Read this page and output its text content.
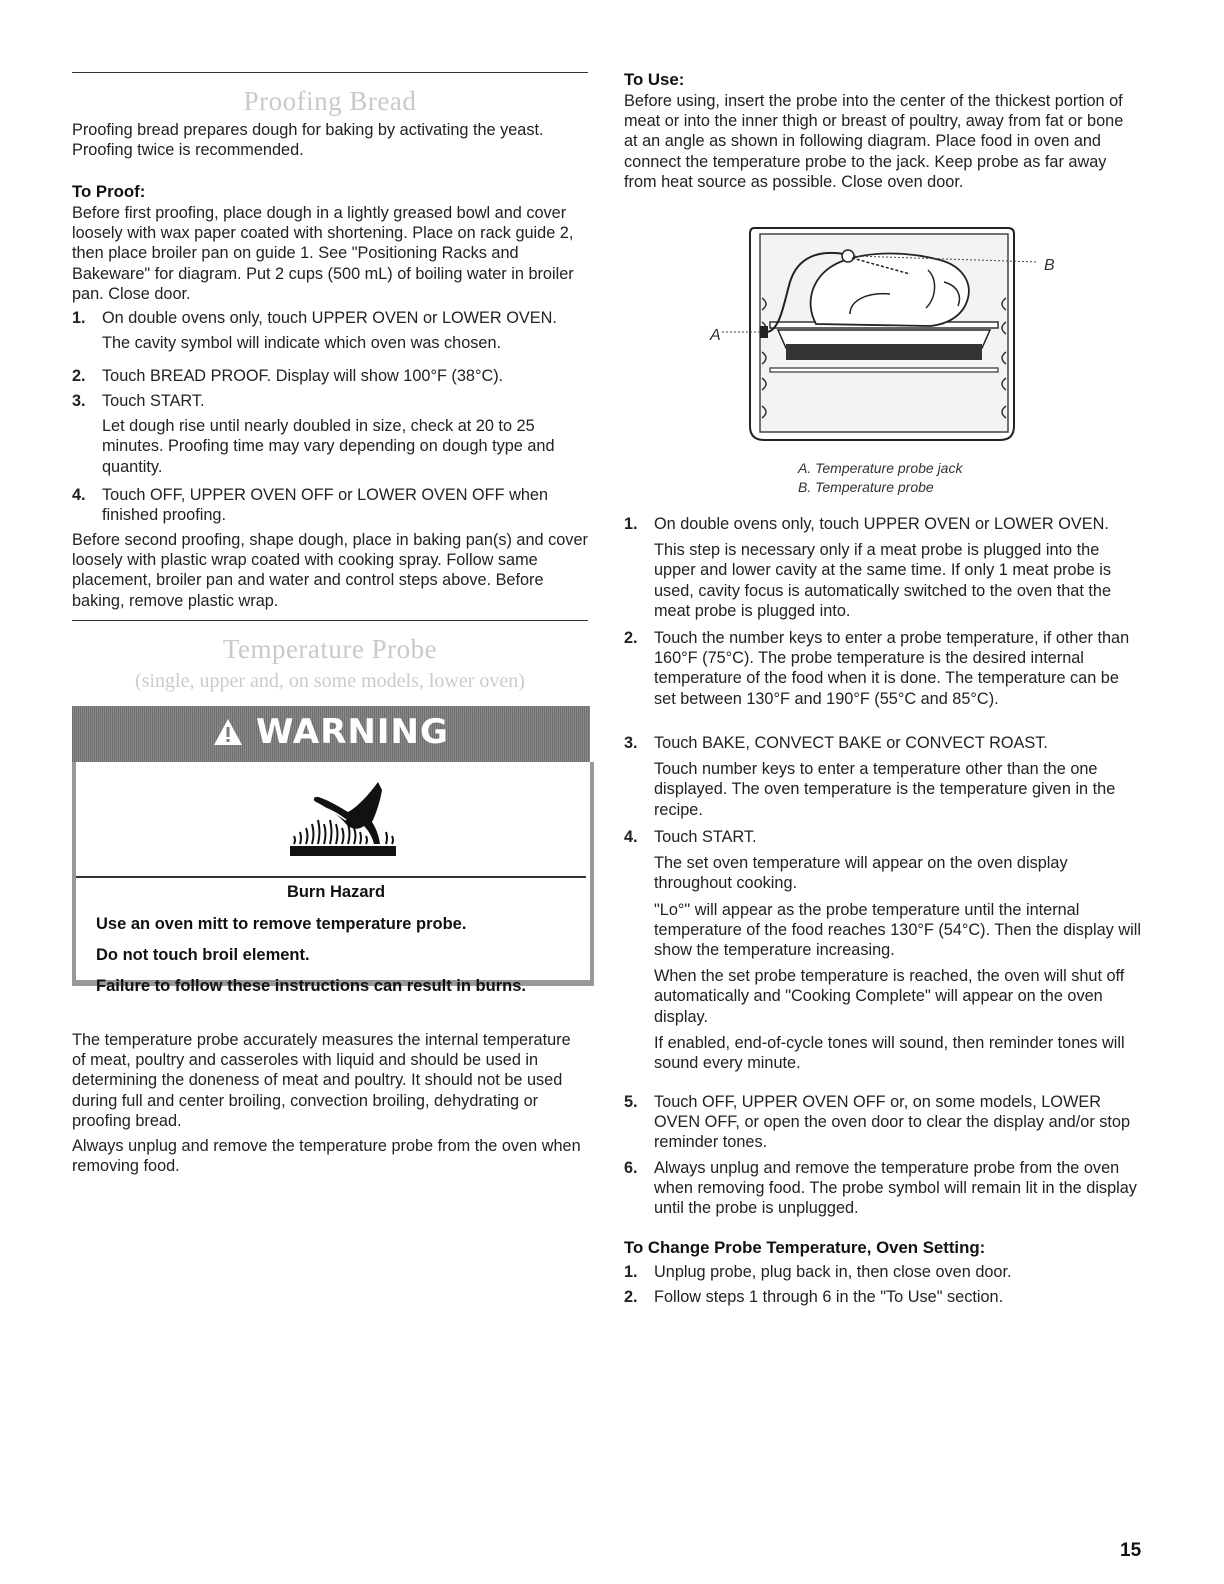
Proofing Bread

Proofing bread prepares dough for baking by activating the yeast. Proofing twice is recommended.

To Proof:

Before first proofing, place dough in a lightly greased bowl and cover loosely with wax paper coated with shortening. Place on rack guide 2, then place broiler pan on guide 1. See "Positioning Racks and Bakeware" for diagram. Put 2 cups (500 mL) of boiling water in broiler pan. Close door.

1. On double ovens only, touch UPPER OVEN or LOWER OVEN.

The cavity symbol will indicate which oven was chosen.

2. Touch BREAD PROOF. Display will show 100°F (38°C).

3. Touch START.

Let dough rise until nearly doubled in size, check at 20 to 25 minutes. Proofing time may vary depending on dough type and quantity.

4. Touch OFF, UPPER OVEN OFF or LOWER OVEN OFF when finished proofing.

Before second proofing, shape dough, place in baking pan(s) and cover loosely with plastic wrap coated with cooking spray. Follow same placement, broiler pan and water and control steps above. Before baking, remove plastic wrap.

Temperature Probe
(single, upper and, on some models, lower oven)
WARNING

Burn Hazard

Use an oven mitt to remove temperature probe.

Do not touch broil element.

Failure to follow these instructions can result in burns.

The temperature probe accurately measures the internal temperature of meat, poultry and casseroles with liquid and should be used in determining the doneness of meat and poultry. It should not be used during full and center broiling, convection broiling, dehydrating or proofing bread.

Always unplug and remove the temperature probe from the oven when removing food.

To Use:

Before using, insert the probe into the center of the thickest portion of meat or into the inner thigh or breast of poultry, away from fat or bone at an angle as shown in following diagram. Place food in oven and connect the temperature probe to the jack. Keep probe as far away from heat source as possible. Close oven door.

A
B

A. Temperature probe jack

B. Temperature probe

1. On double ovens only, touch UPPER OVEN or LOWER OVEN.

This step is necessary only if a meat probe is plugged into the upper and lower cavity at the same time. If only 1 meat probe is used, cavity focus is automatically switched to the oven that the meat probe is plugged into.

2. Touch the number keys to enter a probe temperature, if other than 160°F (75°C). The probe temperature is the desired internal temperature of the food when it is done. The temperature can be set between 130°F and 190°F (55°C and 85°C).

3. Touch BAKE, CONVECT BAKE or CONVECT ROAST.

Touch number keys to enter a temperature other than the one displayed. The oven temperature is the temperature given in the recipe.

4. Touch START.

The set oven temperature will appear on the oven display throughout cooking.

"Lo°" will appear as the probe temperature until the internal temperature of the food reaches 130°F (54°C). Then the display will show the temperature increasing.

When the set probe temperature is reached, the oven will shut off automatically and "Cooking Complete" will appear on the oven display.

If enabled, end-of-cycle tones will sound, then reminder tones will sound every minute.

5. Touch OFF, UPPER OVEN OFF or, on some models, LOWER OVEN OFF, or open the oven door to clear the display and/or stop reminder tones.

6. Always unplug and remove the temperature probe from the oven when removing food. The probe symbol will remain lit in the display until the probe is unplugged.

To Change Probe Temperature, Oven Setting:
1. Unplug probe, plug back in, then close oven door.

2. Follow steps 1 through 6 in the "To Use" section.

15
